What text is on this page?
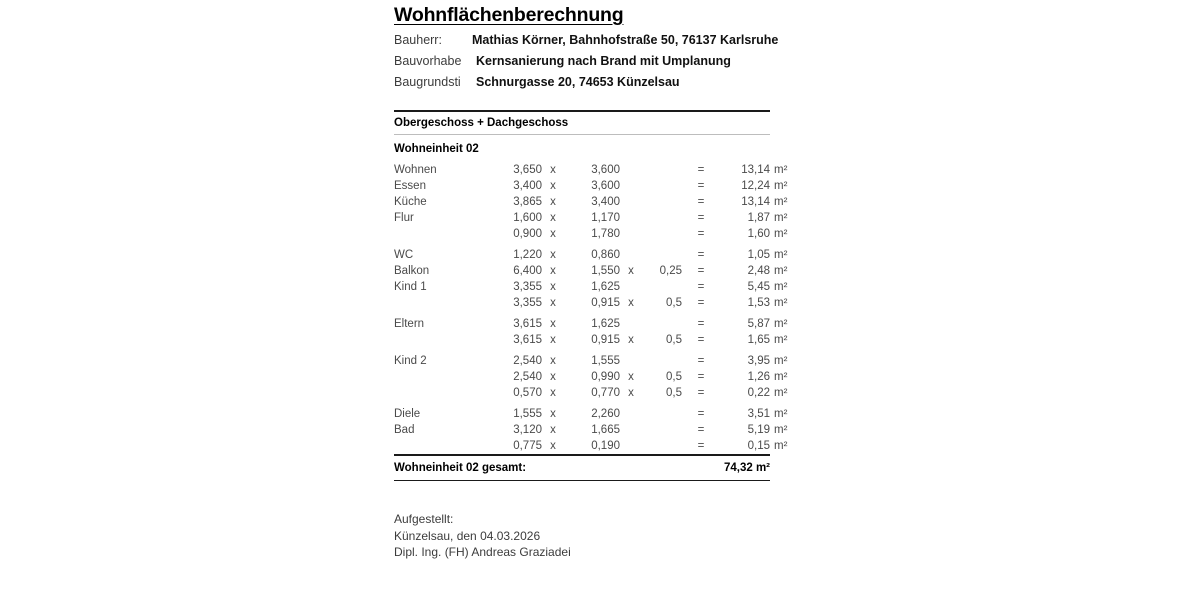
Wohnflächenberechnung
Bauherr:	Mathias Körner, Bahnhofstraße 50, 76137 Karlsruhe
Bauvorhabe	Kernsanierung nach Brand mit Umplanung
Baugrundsti	Schnurgasse 20, 74653 Künzelsau
Obergeschoss + Dachgeschoss
Wohneinheit 02
Wohnen	3,650	x	3,600			=	13,14	m²
Essen	3,400	x	3,600			=	12,24	m²
Küche	3,865	x	3,400			=	13,14	m²
Flur	1,600	x	1,170			=	1,87	m²
	0,900	x	1,780			=	1,60	m²
WC	1,220	x	0,860			=	1,05	m²
Balkon	6,400	x	1,550	x	0,25	=	2,48	m²
Kind 1	3,355	x	1,625			=	5,45	m²
	3,355	x	0,915	x	0,5	=	1,53	m²
Eltern	3,615	x	1,625			=	5,87	m²
	3,615	x	0,915	x	0,5	=	1,65	m²
Kind 2	2,540	x	1,555			=	3,95	m²
	2,540	x	0,990	x	0,5	=	1,26	m²
	0,570	x	0,770	x	0,5	=	0,22	m²
Diele	1,555	x	2,260			=	3,51	m²
Bad	3,120	x	1,665			=	5,19	m²
	0,775	x	0,190			=	0,15	m²
Wohneinheit 02 gesamt:	74,32 m²
Aufgestellt:
Künzelsau, den 04.03.2026
Dipl. Ing. (FH) Andreas Graziadei
